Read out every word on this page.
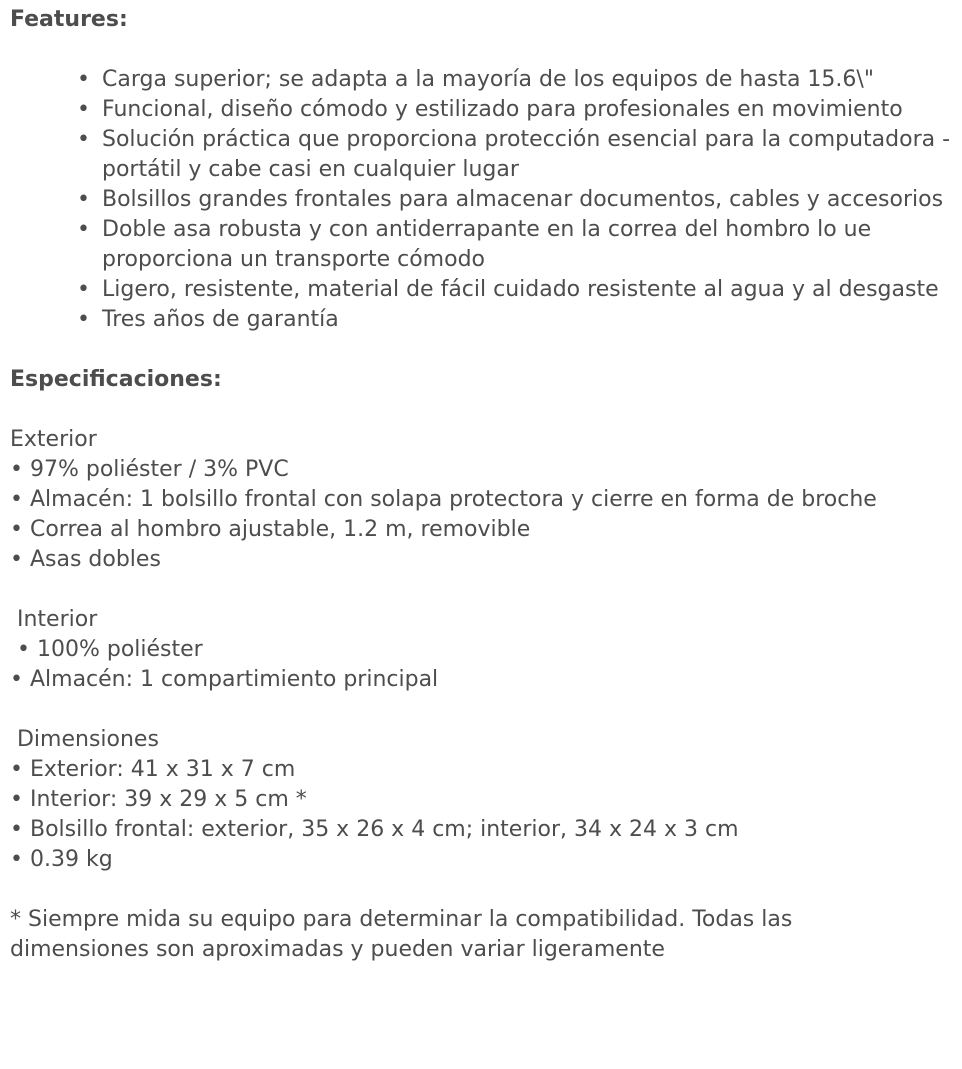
Features:

• Carga superior; se adapta a la mayoría de los equipos de hasta 15.6\"
• Funcional, diseño cómodo y estilizado para profesionales en movimiento
• Solución práctica que proporciona protección esencial para la computadora - portátil y cabe casi en cualquier lugar
• Bolsillos grandes frontales para almacenar documentos, cables y accesorios
• Doble asa robusta y con antiderrapante en la correa del hombro lo ue proporciona un transporte cómodo
• Ligero, resistente, material de fácil cuidado resistente al agua y al desgaste
• Tres años de garantía

Especificaciones:

Exterior

• 97% poliéster / 3% PVC

• Almacén: 1 bolsillo frontal con solapa protectora y cierre en forma de broche

• Correa al hombro ajustable, 1.2 m, removible

• Asas dobles

Interior

• 100% poliéster

• Almacén: 1 compartimiento principal

Dimensiones

• Exterior: 41 x 31 x 7 cm

• Interior: 39 x 29 x 5 cm *

• Bolsillo frontal: exterior, 35 x 26 x 4 cm; interior, 34 x 24 x 3 cm

• 0.39 kg

* Siempre mida su equipo para determinar la compatibilidad. Todas las dimensiones son aproximadas y pueden variar ligeramente
